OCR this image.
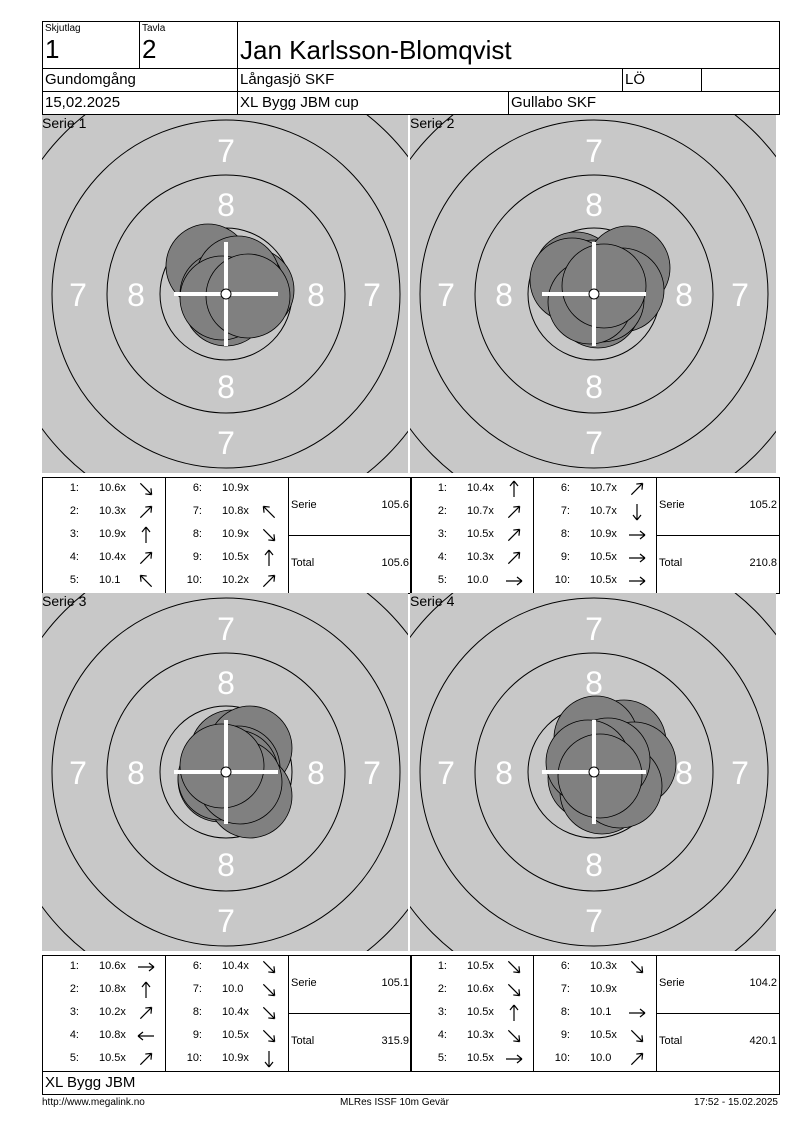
Skjutlag
1
Tavla
2	Jan Karlsson-Blomqvist
Gundomgång	Långasjö SKF	LÖ
15,02.2025	XL Bygg JBM cup	Gullabo SKF
7
7
7	7
8
8
8	8
Serie 1
1: 10.6x
2: 10.3x
3: 10.9x
4: 10.4x
5: 10.1
6: 10.9x
7: 10.8x
8: 10.9x
9: 10.5x
10: 10.2x
Serie	105.6
Total	105.6
7
7
7	7
8
8
8	8
Serie 2
1: 10.4x
2: 10.7x
3: 10.5x
4: 10.3x
5: 10.0
6: 10.7x
7: 10.7x
8: 10.9x
9: 10.5x
10: 10.5x
Serie	105.2
Total	210.8
7
7
7	7
8
8
8	8
Serie 3
1: 10.6x
2: 10.8x
3: 10.2x
4: 10.8x
5: 10.5x
6: 10.4x
7: 10.0
8: 10.4x
9: 10.5x
10: 10.9x
Serie	105.1
Total	315.9
7
7
7	7
8
8
8	8
Serie 4
1: 10.5x
2: 10.6x
3: 10.5x
4: 10.3x
5: 10.5x
6: 10.3x
7: 10.9x
8: 10.1
9: 10.5x
10: 10.0
Serie	104.2
Total	420.1
XL Bygg JBM
http://www.megalink.no	MLRes ISSF 10m Gevär	17:52 - 15.02.2025
